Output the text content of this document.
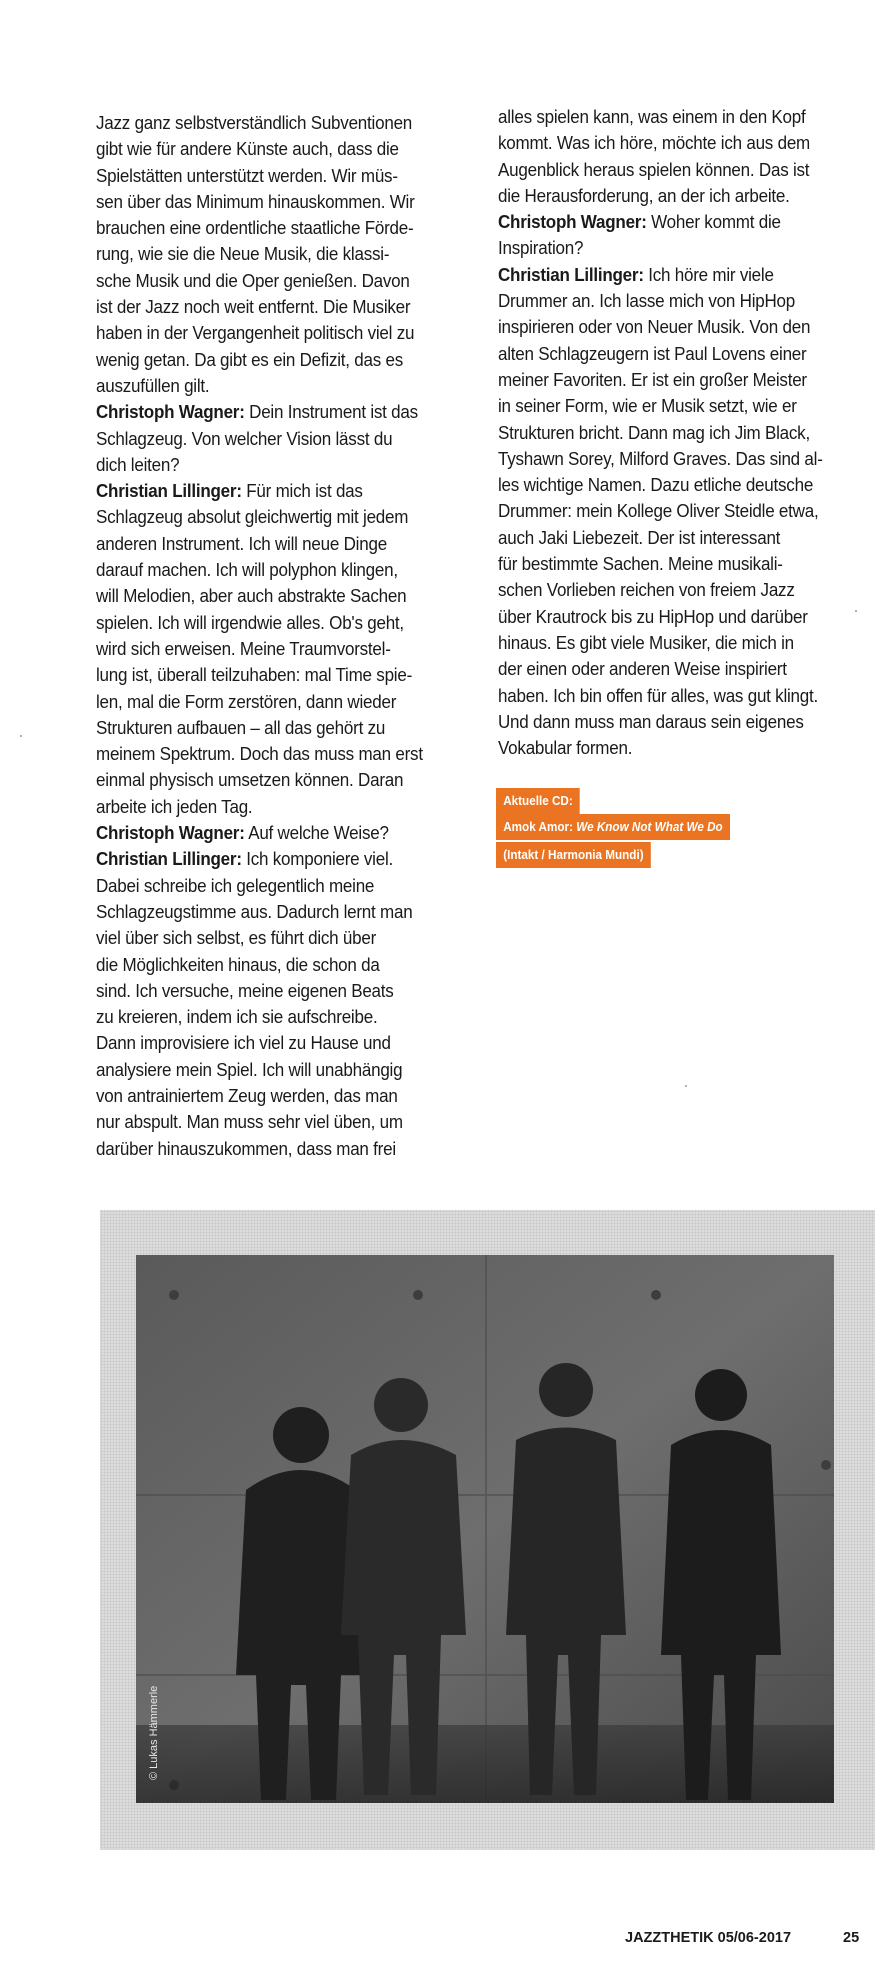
Jazz ganz selbstverständlich Subventionen
gibt wie für andere Künste auch, dass die
Spielstätten unterstützt werden. Wir müs-
sen über das Minimum hinauskommen. Wir
brauchen eine ordentliche staatliche Förde-
rung, wie sie die Neue Musik, die klassi-
sche Musik und die Oper genießen. Davon
ist der Jazz noch weit entfernt. Die Musiker
haben in der Vergangenheit politisch viel zu
wenig getan. Da gibt es ein Defizit, das es
auszufüllen gilt.
Christoph Wagner: Dein Instrument ist das
Schlagzeug. Von welcher Vision lässt du
dich leiten?
Christian Lillinger: Für mich ist das
Schlagzeug absolut gleichwertig mit jedem
anderen Instrument. Ich will neue Dinge
darauf machen. Ich will polyphon klingen,
will Melodien, aber auch abstrakte Sachen
spielen. Ich will irgendwie alles. Ob's geht,
wird sich erweisen. Meine Traumvorstel-
lung ist, überall teilzuhaben: mal Time spie-
len, mal die Form zerstören, dann wieder
Strukturen aufbauen – all das gehört zu
meinem Spektrum. Doch das muss man erst
einmal physisch umsetzen können. Daran
arbeite ich jeden Tag.
Christoph Wagner: Auf welche Weise?
Christian Lillinger: Ich komponiere viel.
Dabei schreibe ich gelegentlich meine
Schlagzeugstimme aus. Dadurch lernt man
viel über sich selbst, es führt dich über
die Möglichkeiten hinaus, die schon da
sind. Ich versuche, meine eigenen Beats
zu kreieren, indem ich sie aufschreibe.
Dann improvisiere ich viel zu Hause und
analysiere mein Spiel. Ich will unabhängig
von antrainiertem Zeug werden, das man
nur abspult. Man muss sehr viel üben, um
darüber hinauszukommen, dass man frei
alles spielen kann, was einem in den Kopf
kommt. Was ich höre, möchte ich aus dem
Augenblick heraus spielen können. Das ist
die Herausforderung, an der ich arbeite.
Christoph Wagner: Woher kommt die
Inspiration?
Christian Lillinger: Ich höre mir viele
Drummer an. Ich lasse mich von HipHop
inspirieren oder von Neuer Musik. Von den
alten Schlagzeugern ist Paul Lovens einer
meiner Favoriten. Er ist ein großer Meister
in seiner Form, wie er Musik setzt, wie er
Strukturen bricht. Dann mag ich Jim Black,
Tyshawn Sorey, Milford Graves. Das sind al-
les wichtige Namen. Dazu etliche deutsche
Drummer: mein Kollege Oliver Steidle etwa,
auch Jaki Liebezeit. Der ist interessant
für bestimmte Sachen. Meine musikali-
schen Vorlieben reichen von freiem Jazz
über Krautrock bis zu HipHop und darüber
hinaus. Es gibt viele Musiker, die mich in
der einen oder anderen Weise inspiriert
haben. Ich bin offen für alles, was gut klingt.
Und dann muss man daraus sein eigenes
Vokabular formen.
Aktuelle CD:
Amok Amor: We Know Not What We Do
(Intakt / Harmonia Mundi)
© Lukas Hämmerle
JAZZTHETIK 05/06-2017	25
